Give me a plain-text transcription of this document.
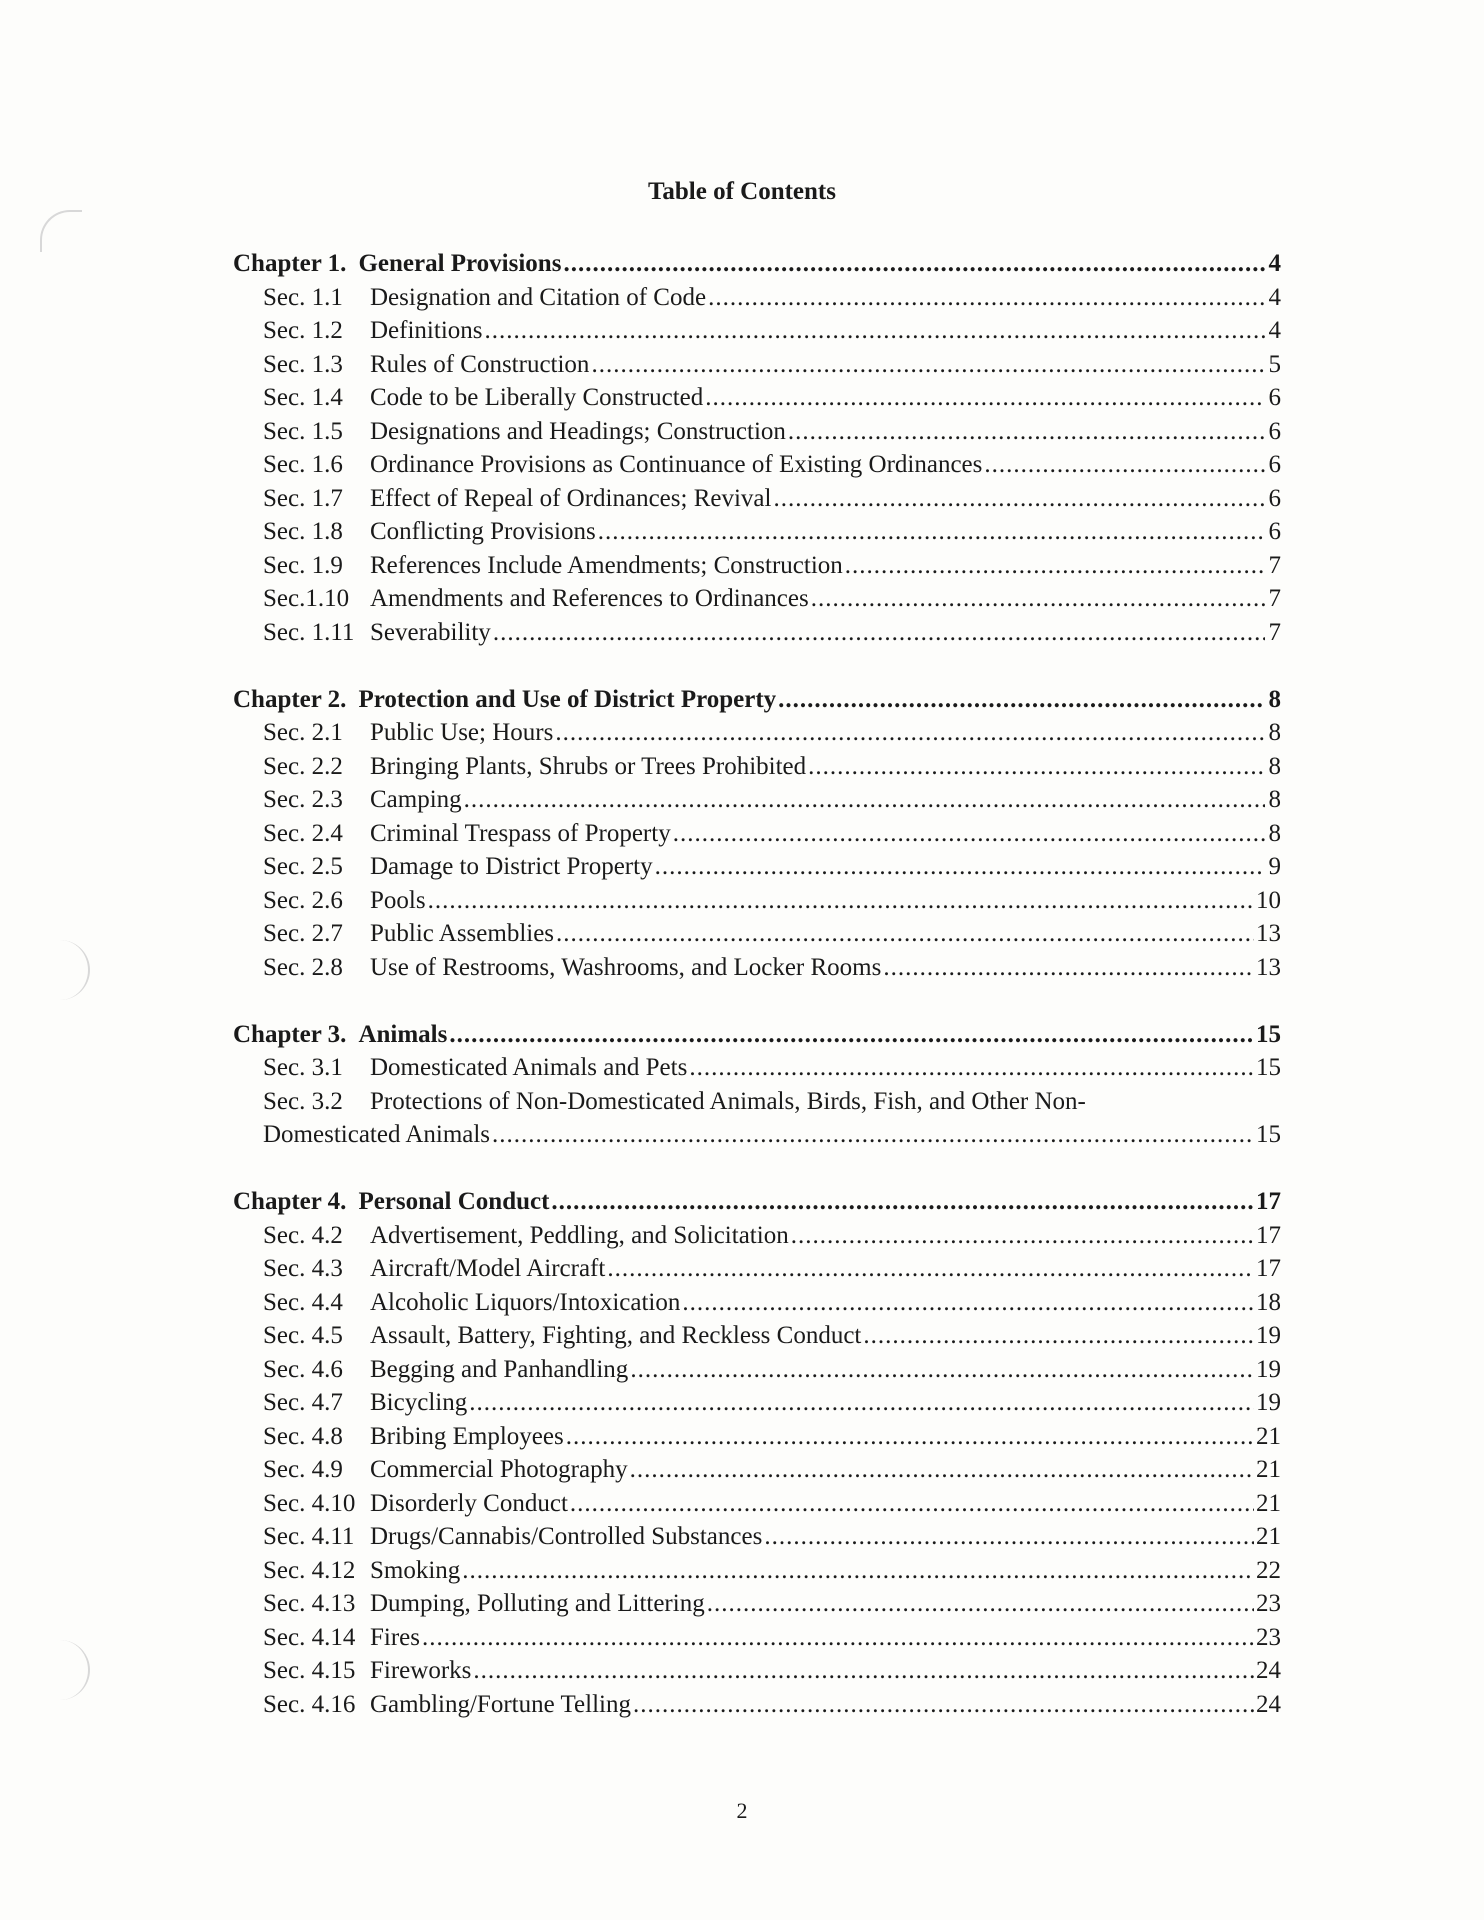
Table of Contents
Chapter 1. General Provisions .....	4
Sec. 1.1	Designation and Citation of Code .....	4
Sec. 1.2	Definitions .....	4
Sec. 1.3	Rules of Construction .....	5
Sec. 1.4	Code to be Liberally Constructed .....	6
Sec. 1.5	Designations and Headings; Construction .....	6
Sec. 1.6	Ordinance Provisions as Continuance of Existing Ordinances .....	6
Sec. 1.7	Effect of Repeal of Ordinances; Revival .....	6
Sec. 1.8	Conflicting Provisions .....	6
Sec. 1.9	References Include Amendments; Construction .....	7
Sec.1.10 Amendments and References to Ordinances .....	7
Sec. 1.11 Severability .....	7
Chapter 2. Protection and Use of District Property .....	8
Sec. 2.1	Public Use; Hours .....	8
Sec. 2.2	Bringing Plants, Shrubs or Trees Prohibited .....	8
Sec. 2.3	Camping .....	8
Sec. 2.4	Criminal Trespass of Property .....	8
Sec. 2.5	Damage to District Property .....	9
Sec. 2.6	Pools .....	10
Sec. 2.7	Public Assemblies .....	13
Sec. 2.8	Use of Restrooms, Washrooms, and Locker Rooms .....	13
Chapter 3. Animals .....	15
Sec. 3.1	Domesticated Animals and Pets .....	15
Sec. 3.2	Protections of Non-Domesticated Animals, Birds, Fish, and Other Non-
Domesticated Animals .....	15
Chapter 4. Personal Conduct .....	17
Sec. 4.2	Advertisement, Peddling, and Solicitation .....	17
Sec. 4.3	Aircraft/Model Aircraft .....	17
Sec. 4.4	Alcoholic Liquors/Intoxication .....	18
Sec. 4.5	Assault, Battery, Fighting, and Reckless Conduct .....	19
Sec. 4.6	Begging and Panhandling .....	19
Sec. 4.7	Bicycling .....	19
Sec. 4.8	Bribing Employees .....	21
Sec. 4.9	Commercial Photography .....	21
Sec. 4.10 Disorderly Conduct .....	21
Sec. 4.11 Drugs/Cannabis/Controlled Substances .....	21
Sec. 4.12 Smoking .....	22
Sec. 4.13 Dumping, Polluting and Littering .....	23
Sec. 4.14 Fires .....	23
Sec. 4.15 Fireworks .....	24
Sec. 4.16 Gambling/Fortune Telling .....	24
2
